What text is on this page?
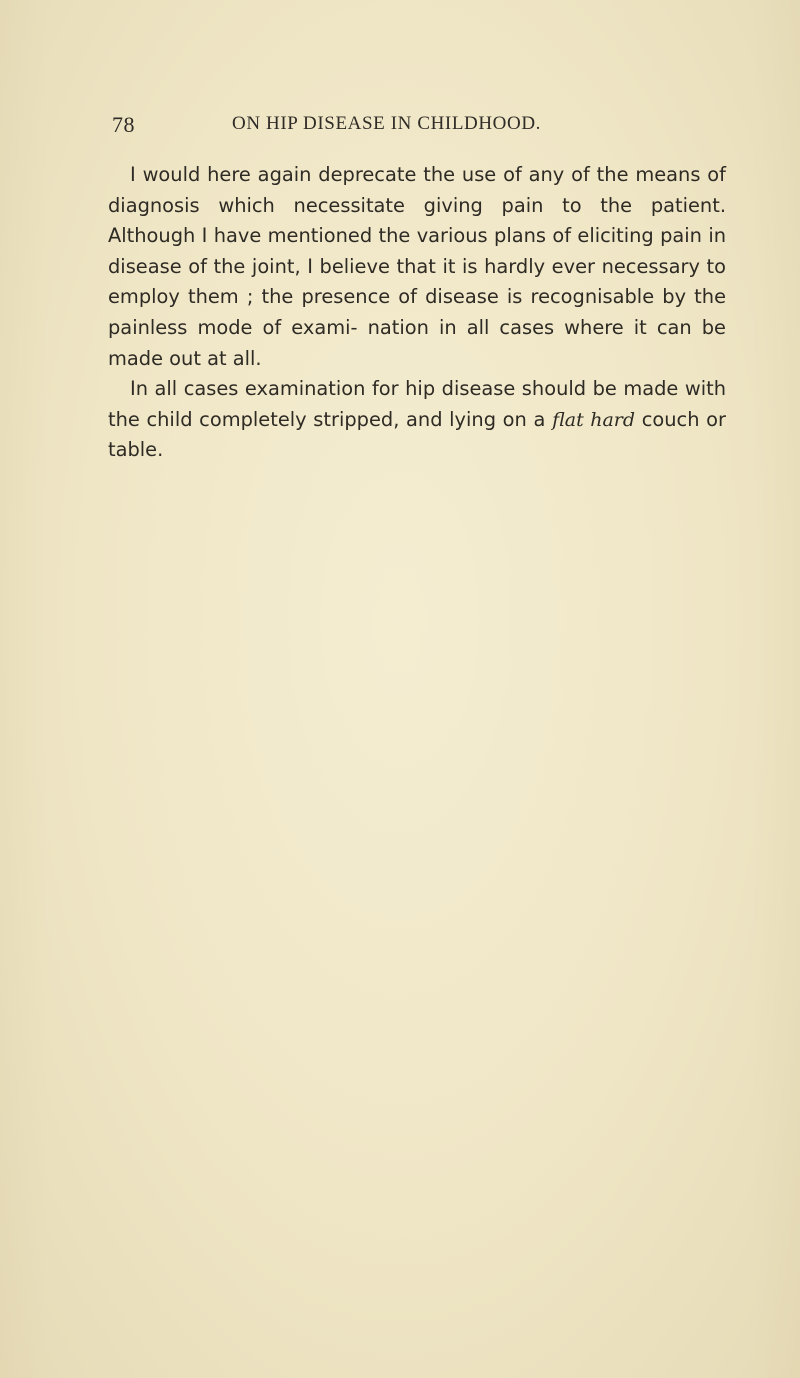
78	ON HIP DISEASE IN CHILDHOOD.

I would here again deprecate the use of any of the means of diagnosis which necessitate giving pain to the patient. Although I have mentioned the various plans of eliciting pain in disease of the joint, I believe that it is hardly ever necessary to employ them ; the presence of disease is recognisable by the painless mode of exami- nation in all cases where it can be made out at all.

In all cases examination for hip disease should be made with the child completely stripped, and lying on a flat hard couch or table.
